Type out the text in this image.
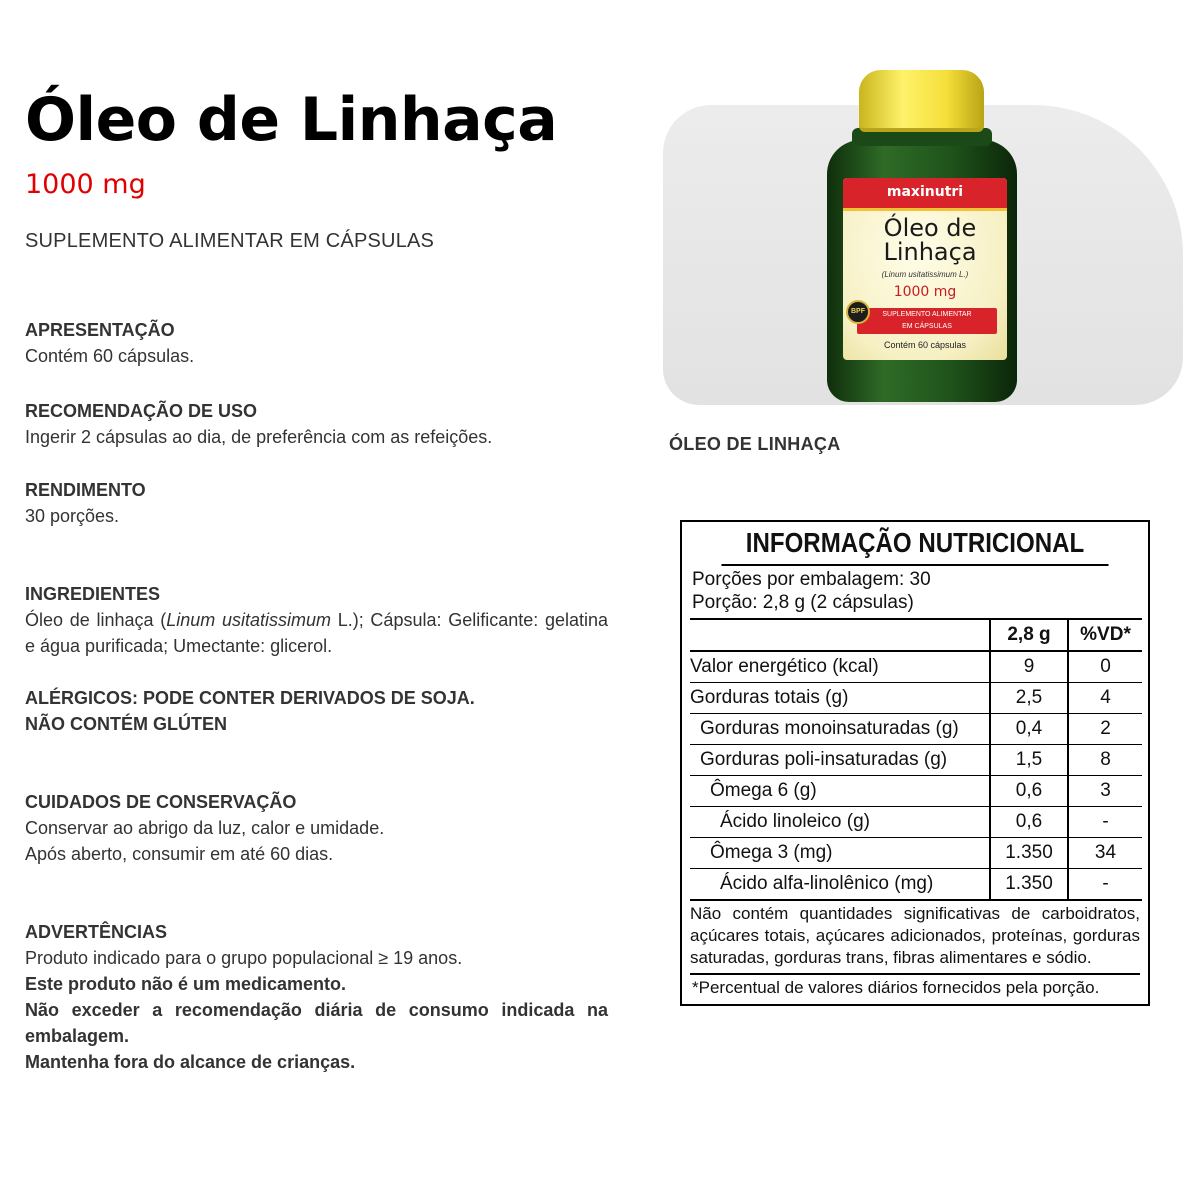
Óleo de Linhaça
1000 mg
SUPLEMENTO ALIMENTAR EM CÁPSULAS
APRESENTAÇÃO

Contém 60 cápsulas.

RECOMENDAÇÃO DE USO

Ingerir 2 cápsulas ao dia, de preferência com as refeições.

RENDIMENTO

30 porções.

INGREDIENTES

Óleo de linhaça (Linum usitatissimum L.); Cápsula: Gelificante: gelatina e água purificada; Umectante: glicerol.

ALÉRGICOS: PODE CONTER DERIVADOS DE SOJA.

NÃO CONTÉM GLÚTEN

CUIDADOS DE CONSERVAÇÃO

Conservar ao abrigo da luz, calor e umidade.

Após aberto, consumir em até 60 dias.

ADVERTÊNCIAS

Produto indicado para o grupo populacional ≥ 19 anos.

Este produto não é um medicamento.

Não exceder a recomendação diária de consumo indicada na embalagem.

Mantenha fora do alcance de crianças.

maxinutri
Óleo de
Linhaça
(Linum usitatissimum L.)
1000 mg
SUPLEMENTO ALIMENTAR
EM CÁPSULAS
Contém 60 cápsulas
BPF
ÓLEO DE LINHAÇA
INFORMAÇÃO NUTRICIONAL
Porções por embalagem: 30
Porção: 2,8 g (2 cápsulas)
	2,8 g	%VD*
Valor energético (kcal)	9	0
Gorduras totais (g)	2,5	4
Gorduras monoinsaturadas (g)	0,4	2
Gorduras poli-insaturadas (g)	1,5	8
Ômega 6 (g)	0,6	3
Ácido linoleico (g)	0,6	-
Ômega 3 (mg)	1.350	34
Ácido alfa-linolênico (mg)	1.350	-
Não contém quantidades significativas de carboidratos, açúcares totais, açúcares adicionados, proteínas, gorduras saturadas, gorduras trans, fibras alimentares e sódio.
*Percentual de valores diários fornecidos pela porção.
